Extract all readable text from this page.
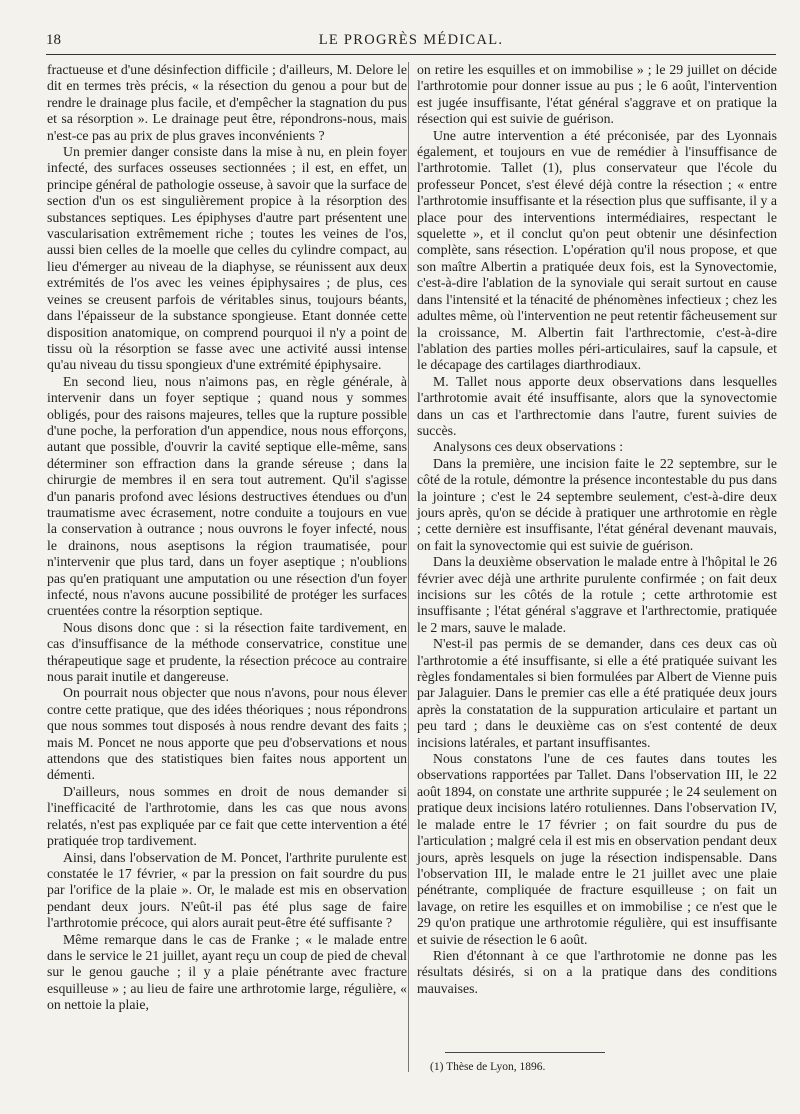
18	LE PROGRÈS MÉDICAL.

fractueuse et d'une désinfection difficile ; d'ailleurs, M. Delore le dit en termes très précis, « la résection du genou a pour but de rendre le drainage plus facile, et d'empêcher la stagnation du pus et sa résorption ». Le drainage peut être, répondrons-nous, mais n'est-ce pas au prix de plus graves inconvénients ?

Un premier danger consiste dans la mise à nu, en plein foyer infecté, des surfaces osseuses sectionnées ; il est, en effet, un principe général de pathologie osseuse, à savoir que la surface de section d'un os est singulièrement propice à la résorption des substances septiques. Les épiphyses d'autre part présentent une vascularisation extrêmement riche ; toutes les veines de l'os, aussi bien celles de la moelle que celles du cylindre compact, au lieu d'émerger au niveau de la diaphyse, se réunissent aux deux extrémités de l'os avec les veines épiphysaires ; de plus, ces veines se creusent parfois de véritables sinus, toujours béants, dans l'épaisseur de la substance spongieuse. Etant donnée cette disposition anatomique, on comprend pourquoi il n'y a point de tissu où la résorption se fasse avec une activité aussi intense qu'au niveau du tissu spongieux d'une extrémité épiphysaire.

En second lieu, nous n'aimons pas, en règle générale, à intervenir dans un foyer septique ; quand nous y sommes obligés, pour des raisons majeures, telles que la rupture possible d'une poche, la perforation d'un appendice, nous nous efforçons, autant que possible, d'ouvrir la cavité septique elle-même, sans déterminer son effraction dans la grande séreuse ; dans la chirurgie de membres il en sera tout autrement. Qu'il s'agisse d'un panaris profond avec lésions destructives étendues ou d'un traumatisme avec écrasement, notre conduite a toujours en vue la conservation à outrance ; nous ouvrons le foyer infecté, nous le drainons, nous aseptisons la région traumatisée, pour n'intervenir que plus tard, dans un foyer aseptique ; n'oublions pas qu'en pratiquant une amputation ou une résection d'un foyer infecté, nous n'avons aucune possibilité de protéger les surfaces cruentées contre la résorption septique.

Nous disons donc que : si la résection faite tardivement, en cas d'insuffisance de la méthode conservatrice, constitue une thérapeutique sage et prudente, la résection précoce au contraire nous parait inutile et dangereuse.

On pourrait nous objecter que nous n'avons, pour nous élever contre cette pratique, que des idées théoriques ; nous répondrons que nous sommes tout disposés à nous rendre devant des faits ; mais M. Poncet ne nous apporte que peu d'observations et nous attendons que des statistiques bien faites nous apportent un démenti.

D'ailleurs, nous sommes en droit de nous demander si l'inefficacité de l'arthrotomie, dans les cas que nous avons relatés, n'est pas expliquée par ce fait que cette intervention a été pratiquée trop tardivement.

Ainsi, dans l'observation de M. Poncet, l'arthrite purulente est constatée le 17 février, « par la pression on fait sourdre du pus par l'orifice de la plaie ». Or, le malade est mis en observation pendant deux jours. N'eût-il pas été plus sage de faire l'arthrotomie précoce, qui alors aurait peut-être été suffisante ?

Même remarque dans le cas de Franke ; « le malade entre dans le service le 21 juillet, ayant reçu un coup de pied de cheval sur le genou gauche ; il y a plaie pénétrante avec fracture esquilleuse » ; au lieu de faire une arthrotomie large, régulière, « on nettoie la plaie,

on retire les esquilles et on immobilise » ; le 29 juillet on décide l'arthrotomie pour donner issue au pus ; le 6 août, l'intervention est jugée insuffisante, l'état général s'aggrave et on pratique la résection qui est suivie de guérison.

Une autre intervention a été préconisée, par des Lyonnais également, et toujours en vue de remédier à l'insuffisance de l'arthrotomie. Tallet (1), plus conservateur que l'école du professeur Poncet, s'est élevé déjà contre la résection ; « entre l'arthrotomie insuffisante et la résection plus que suffisante, il y a place pour des interventions intermédiaires, respectant le squelette », et il conclut qu'on peut obtenir une désinfection complète, sans résection. L'opération qu'il nous propose, et que son maître Albertin a pratiquée deux fois, est la Synovectomie, c'est-à-dire l'ablation de la synoviale qui serait surtout en cause dans l'intensité et la ténacité de phénomènes infectieux ; chez les adultes même, où l'intervention ne peut retentir fâcheusement sur la croissance, M. Albertin fait l'arthrectomie, c'est-à-dire l'ablation des parties molles péri-articulaires, sauf la capsule, et le décapage des cartilages diarthrodiaux.

M. Tallet nous apporte deux observations dans lesquelles l'arthrotomie avait été insuffisante, alors que la synovectomie dans un cas et l'arthrectomie dans l'autre, furent suivies de succès.

Analysons ces deux observations :

Dans la première, une incision faite le 22 septembre, sur le côté de la rotule, démontre la présence incontestable du pus dans la jointure ; c'est le 24 septembre seulement, c'est-à-dire deux jours après, qu'on se décide à pratiquer une arthrotomie en règle ; cette dernière est insuffisante, l'état général devenant mauvais, on fait la synovectomie qui est suivie de guérison.

Dans la deuxième observation le malade entre à l'hôpital le 26 février avec déjà une arthrite purulente confirmée ; on fait deux incisions sur les côtés de la rotule ; cette arthrotomie est insuffisante ; l'état général s'aggrave et l'arthrectomie, pratiquée le 2 mars, sauve le malade.

N'est-il pas permis de se demander, dans ces deux cas où l'arthrotomie a été insuffisante, si elle a été pratiquée suivant les règles fondamentales si bien formulées par Albert de Vienne puis par Jalaguier. Dans le premier cas elle a été pratiquée deux jours après la constatation de la suppuration articulaire et partant un peu tard ; dans le deuxième cas on s'est contenté de deux incisions latérales, et partant insuffisantes.

Nous constatons l'une de ces fautes dans toutes les observations rapportées par Tallet. Dans l'observation III, le 22 août 1894, on constate une arthrite suppurée ; le 24 seulement on pratique deux incisions latéro rotuliennes. Dans l'observation IV, le malade entre le 17 février ; on fait sourdre du pus de l'articulation ; malgré cela il est mis en observation pendant deux jours, après lesquels on juge la résection indispensable. Dans l'observation III, le malade entre le 21 juillet avec une plaie pénétrante, compliquée de fracture esquilleuse ; on fait un lavage, on retire les esquilles et on immobilise ; ce n'est que le 29 qu'on pratique une arthrotomie régulière, qui est insuffisante et suivie de résection le 6 août.

Rien d'étonnant à ce que l'arthrotomie ne donne pas les résultats désirés, si on a la pratique dans des conditions mauvaises.

(1) Thèse de Lyon, 1896.
